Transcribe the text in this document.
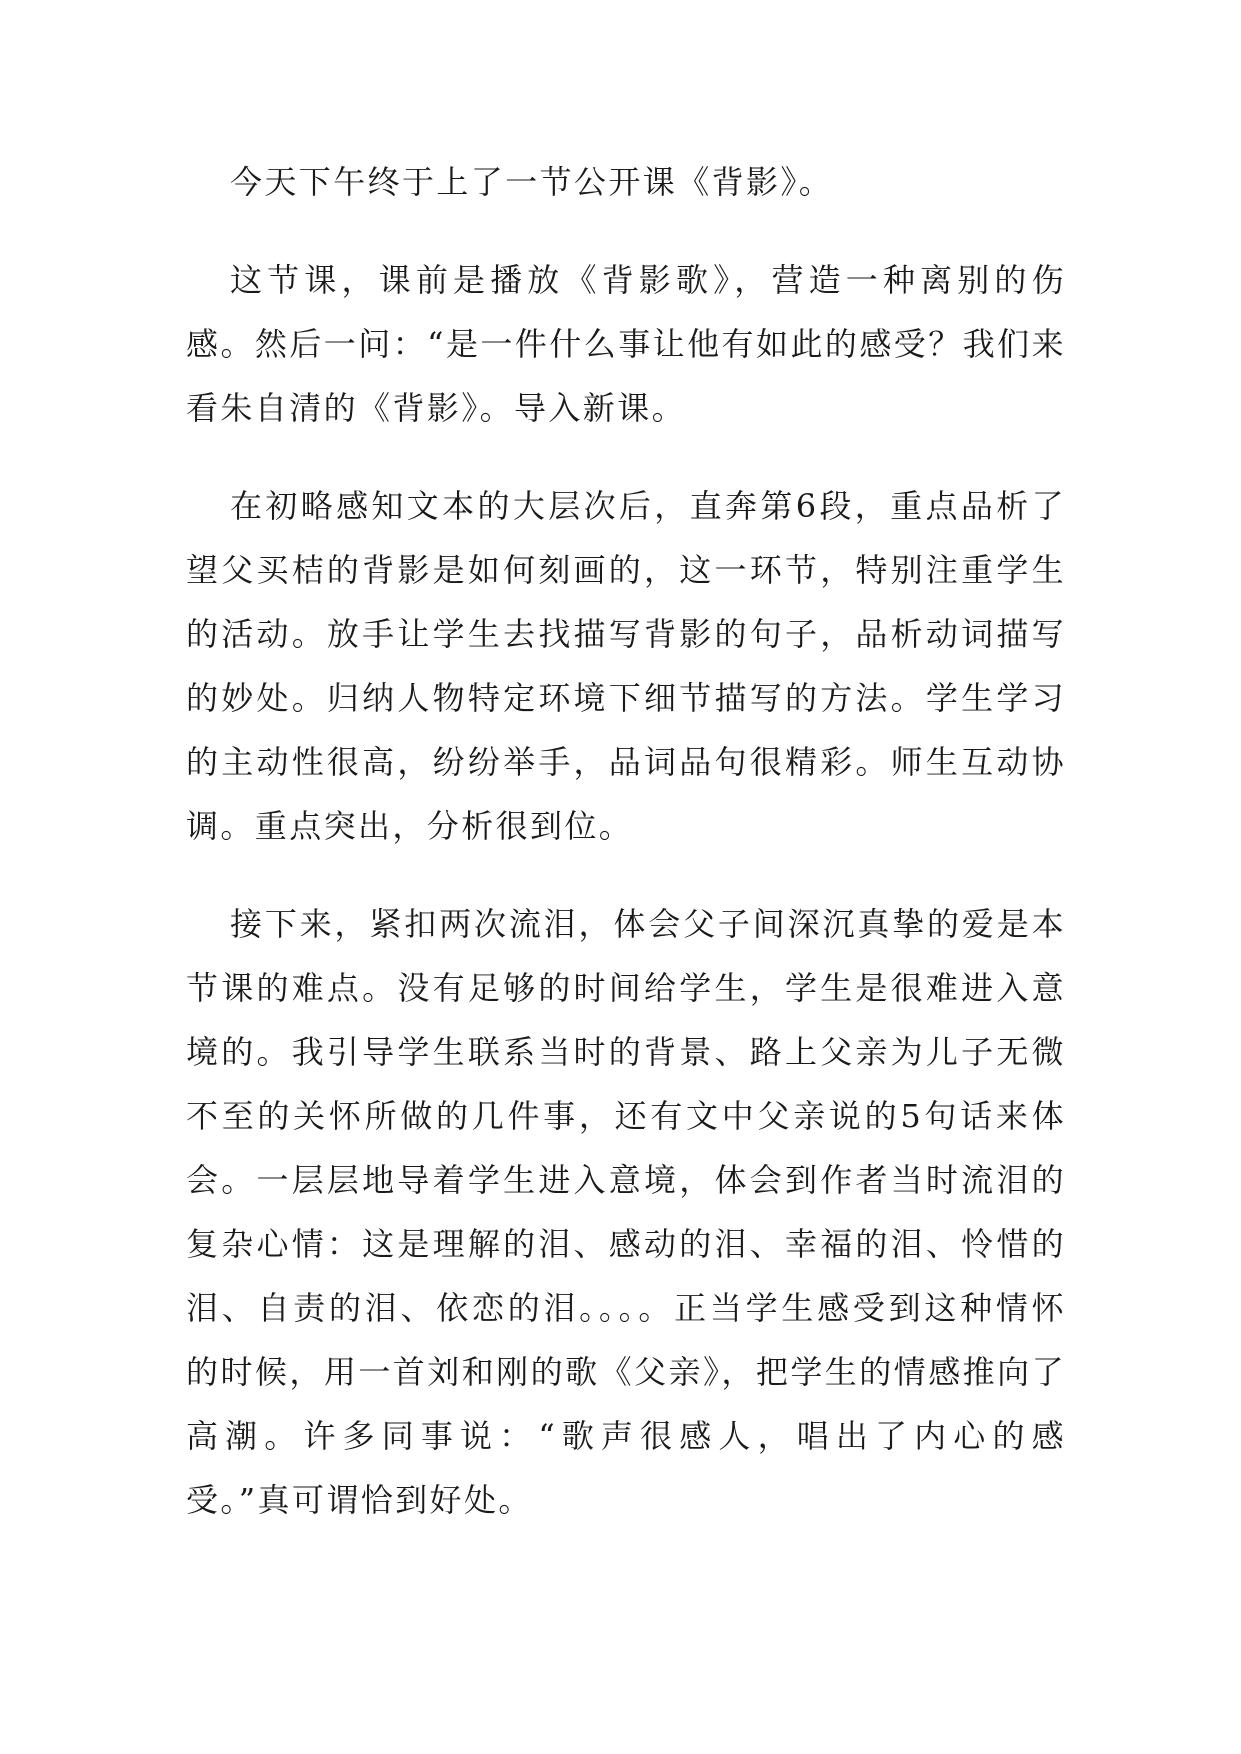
今天下午终于上了一节公开课《背影》。

这节课，课前是播放《背影歌》，营造一种离别的伤感。然后一问：“是一件什么事让他有如此的感受？我们来看朱自清的《背影》。导入新课。

在初略感知文本的大层次后，直奔第6段，重点品析了望父买桔的背影是如何刻画的，这一环节，特别注重学生的活动。放手让学生去找描写背影的句子，品析动词描写的妙处。归纳人物特定环境下细节描写的方法。学生学习的主动性很高，纷纷举手，品词品句很精彩。师生互动协调。重点突出，分析很到位。

接下来，紧扣两次流泪，体会父子间深沉真挚的爱是本节课的难点。没有足够的时间给学生，学生是很难进入意境的。我引导学生联系当时的背景、路上父亲为儿子无微不至的关怀所做的几件事，还有文中父亲说的5句话来体会。一层层地导着学生进入意境，体会到作者当时流泪的复杂心情：这是理解的泪、感动的泪、幸福的泪、怜惜的泪、自责的泪、依恋的泪。。。。正当学生感受到这种情怀的时候，用一首刘和刚的歌《父亲》，把学生的情感推向了高潮。许多同事说：“歌声很感人，唱出了内心的感受。”真可谓恰到好处。
